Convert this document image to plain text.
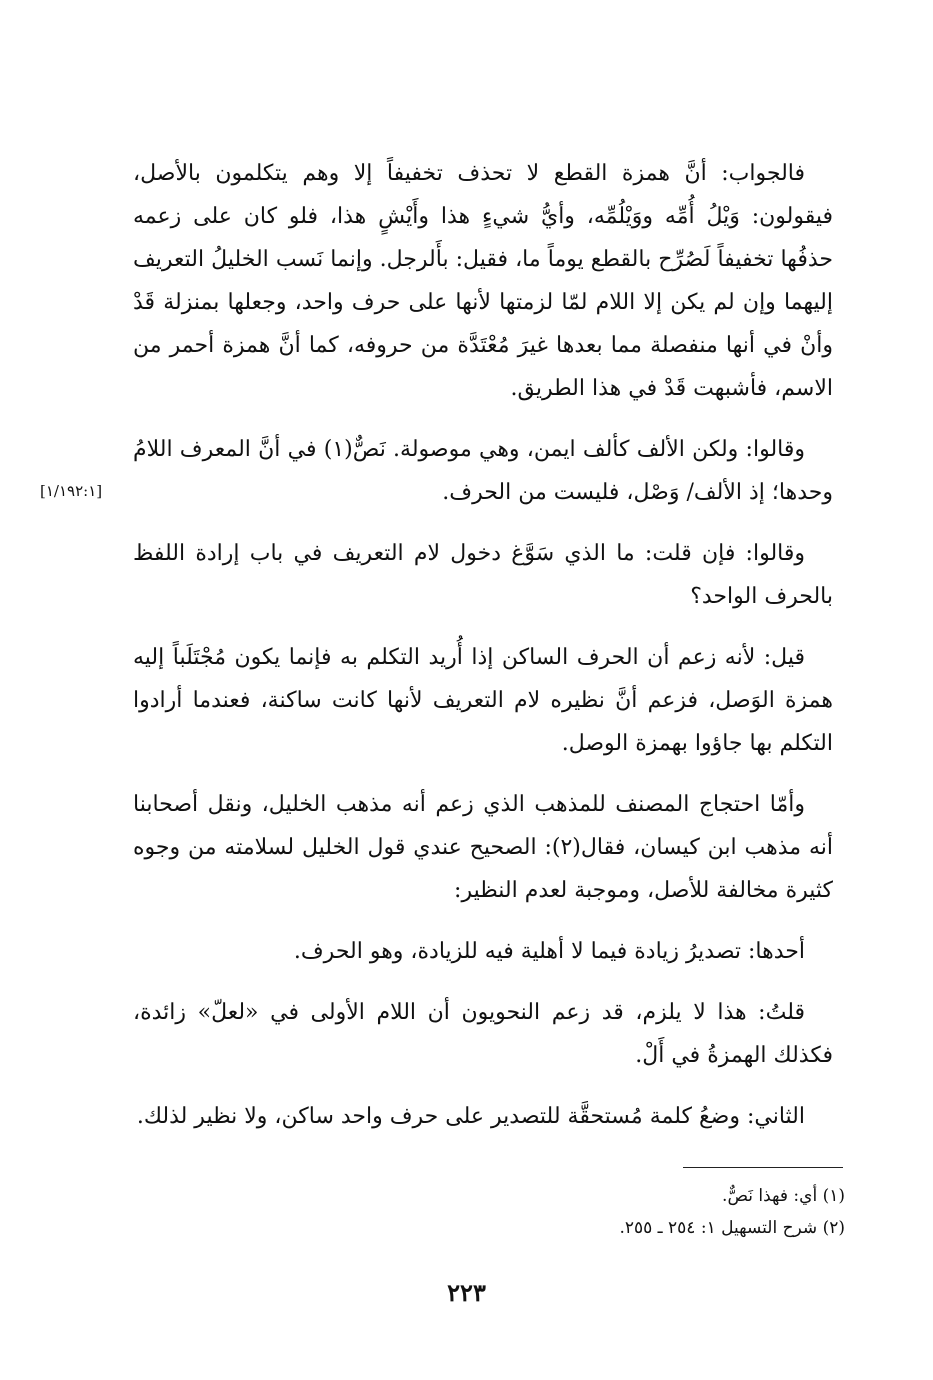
فالجواب: أنَّ همزة القطع لا تحذف تخفيفاً إلا وهم يتكلمون بالأصل، فيقولون: وَيْلُ أُمِّه ووَيْلُمِّه، وأيُّ شيءٍ هذا وأَيْشٍ هذا، فلو كان على زعمه حذفُها تخفيفاً لَصُرِّح بالقطع يوماً ما، فقيل: بأَلرجل. وإنما نَسب الخليلُ التعريف إليهما وإن لم يكن إلا اللام لمّا لزمتها لأنها على حرف واحد، وجعلها بمنزلة قَدْ وأنْ في أنها منفصلة مما بعدها غيرَ مُعْتَدَّة من حروفه، كما أنَّ همزة أحمر من الاسم، فأشبهت قَدْ في هذا الطريق.

وقالوا: ولكن الألف كألف ايمن، وهي موصولة. نَصٌّ(١) في أنَّ المعرف اللامُ وحدها؛ إذ الألف/ وَصْل، فليست من الحرف.

وقالوا: فإن قلت: ما الذي سَوَّغ دخول لام التعريف في باب إرادة اللفظ بالحرف الواحد؟

قيل: لأنه زعم أن الحرف الساكن إذا أُريد التكلم به فإنما يكون مُجْتَلَباً إليه همزة الوَصل، فزعم أنَّ نظيره لام التعريف لأنها كانت ساكنة، فعندما أرادوا التكلم بها جاؤوا بهمزة الوصل.

وأمّا احتجاج المصنف للمذهب الذي زعم أنه مذهب الخليل، ونقل أصحابنا أنه مذهب ابن كيسان، فقال(٢): الصحيح عندي قول الخليل لسلامته من وجوه كثيرة مخالفة للأصل، وموجبة لعدم النظير:

أحدها: تصديرُ زيادة فيما لا أهلية فيه للزيادة، وهو الحرف.

قلتُ: هذا لا يلزم، قد زعم النحويون أن اللام الأولى في «لعلّ» زائدة، فكذلك الهمزةُ في أَلْ.

الثاني: وضعُ كلمة مُستحقَّة للتصدير على حرف واحد ساكن، ولا نظير لذلك.

[١/١٩٢:١]
(١) أي: فهذا نَصٌّ.
(٢) شرح التسهيل ١: ٢٥٤ ـ ٢٥٥.
٢٢٣
